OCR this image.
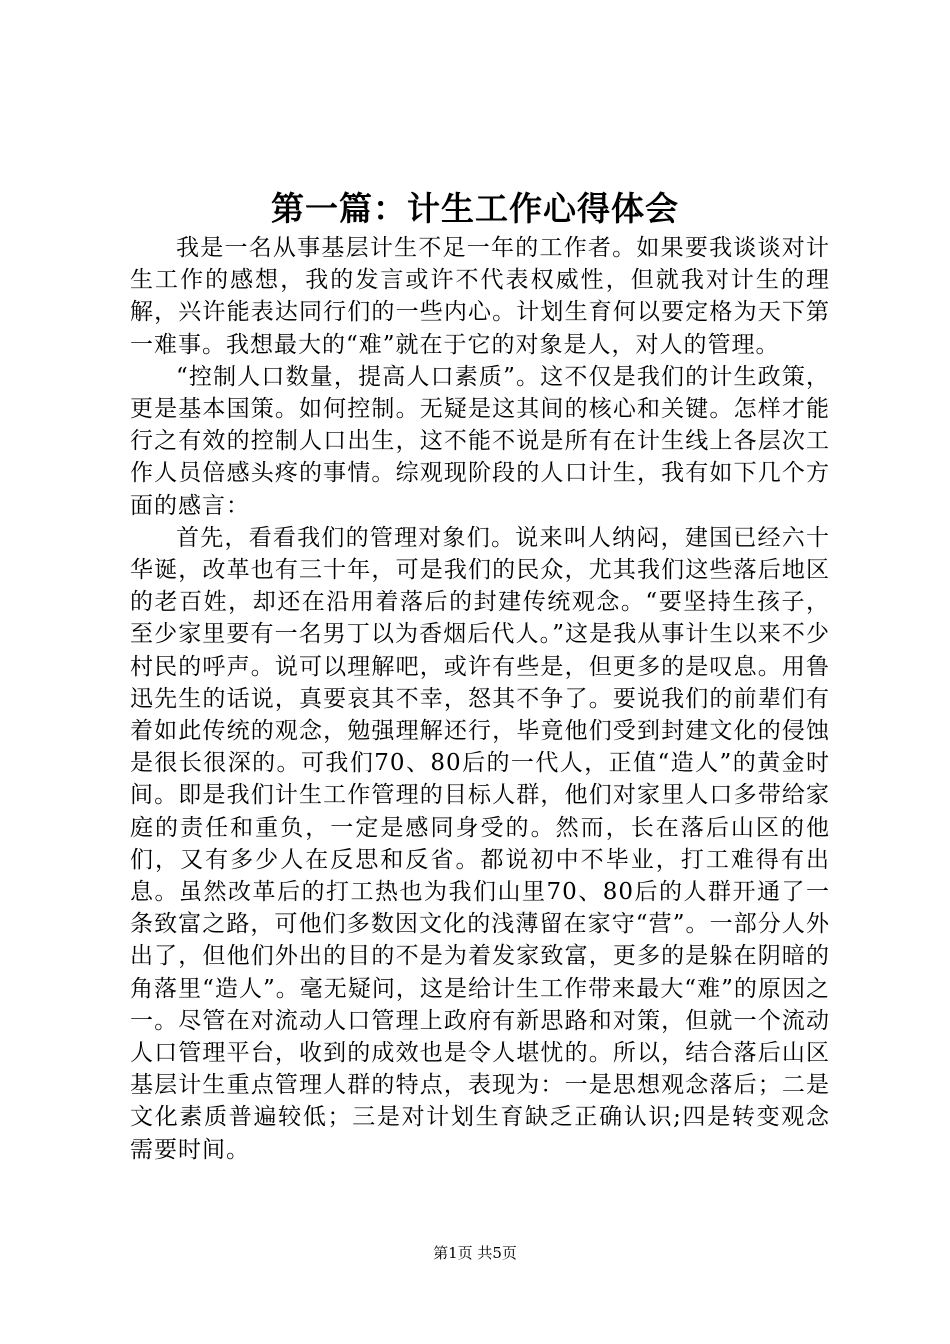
第一篇：计生工作心得体会

我是一名从事基层计生不足一年的工作者。如果要我谈谈对计生工作的感想，我的发言或许不代表权威性，但就我对计生的理解，兴许能表达同行们的一些内心。计划生育何以要定格为天下第一难事。我想最大的“难”就在于它的对象是人，对人的管理。

“控制人口数量，提高人口素质”。这不仅是我们的计生政策，更是基本国策。如何控制。无疑是这其间的核心和关键。怎样才能行之有效的控制人口出生，这不能不说是所有在计生线上各层次工作人员倍感头疼的事情。综观现阶段的人口计生，我有如下几个方面的感言：

首先，看看我们的管理对象们。说来叫人纳闷，建国已经六十华诞，改革也有三十年，可是我们的民众，尤其我们这些落后地区的老百姓，却还在沿用着落后的封建传统观念。“要坚持生孩子，至少家里要有一名男丁以为香烟后代人。”这是我从事计生以来不少村民的呼声。说可以理解吧，或许有些是，但更多的是叹息。用鲁迅先生的话说，真要哀其不幸，怒其不争了。要说我们的前辈们有着如此传统的观念，勉强理解还行，毕竟他们受到封建文化的侵蚀是很长很深的。可我们70、80后的一代人，正值“造人”的黄金时间。即是我们计生工作管理的目标人群，他们对家里人口多带给家庭的责任和重负，一定是感同身受的。然而，长在落后山区的他们，又有多少人在反思和反省。都说初中不毕业，打工难得有出息。虽然改革后的打工热也为我们山里70、80后的人群开通了一条致富之路，可他们多数因文化的浅薄留在家守“营”。一部分人外出了，但他们外出的目的不是为着发家致富，更多的是躲在阴暗的角落里“造人”。毫无疑问，这是给计生工作带来最大“难”的原因之一。尽管在对流动人口管理上政府有新思路和对策，但就一个流动人口管理平台，收到的成效也是令人堪忧的。所以，结合落后山区基层计生重点管理人群的特点，表现为：一是思想观念落后；二是文化素质普遍较低；三是对计划生育缺乏正确认识;四是转变观念需要时间。

第1页 共5页
